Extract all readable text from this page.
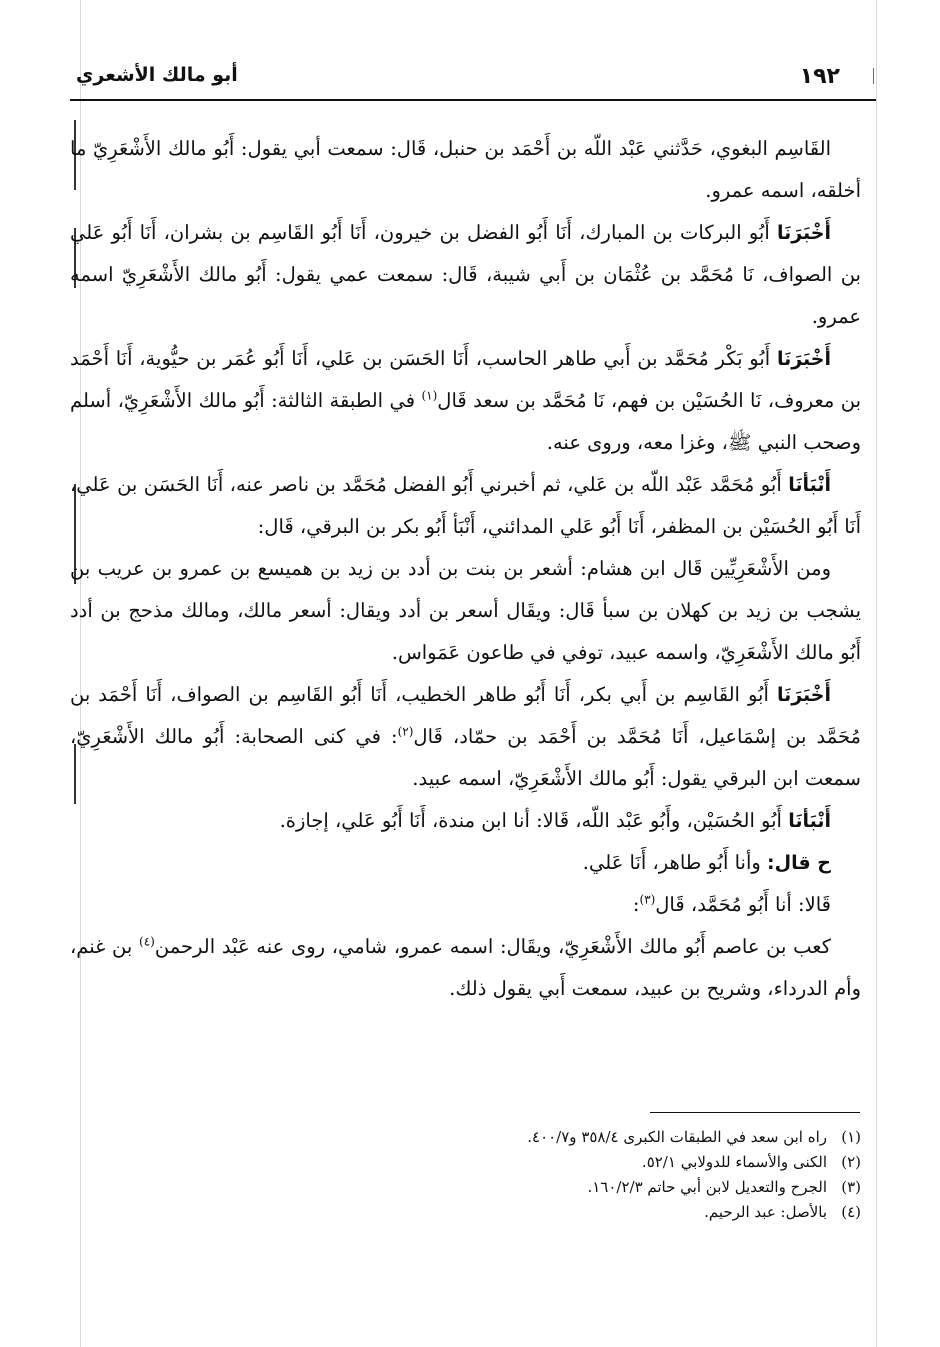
١٩٢
أبو مالك الأشعري

القَاسِم البغوي، حَدَّثني عَبْد اللّه بن أَحْمَد بن حنبل، قَال: سمعت أبي يقول: أَبُو مالك الأَشْعَرِيّ ما أخلقه، اسمه عمرو.

أَخْبَرَنَا أَبُو البركات بن المبارك، أَنَا أَبُو الفضل بن خيرون، أَنَا أَبُو القَاسِم بن بشران، أَنَا أَبُو عَلي بن الصواف، نَا مُحَمَّد بن عُثْمَان بن أَبي شيبة، قَال: سمعت عمي يقول: أَبُو مالك الأَشْعَرِيّ اسمه عمرو.

أَخْبَرَنَا أَبُو بَكْر مُحَمَّد بن أَبي طاهر الحاسب، أَنَا الحَسَن بن عَلي، أَنَا أَبُو عُمَر بن حيُّوية، أَنَا أَحْمَد بن معروف، نَا الحُسَيْن بن فهم، نَا مُحَمَّد بن سعد قَال$^{(١)}$ في الطبقة الثالثة: أَبُو مالك الأَشْعَرِيّ، أسلم وصحب النبي ﷺ، وغزا معه، وروى عنه.

أَنْبَأنَا أَبُو مُحَمَّد عَبْد اللّه بن عَلي، ثم أخبرني أَبُو الفضل مُحَمَّد بن ناصر عنه، أَنَا الحَسَن بن عَلي، أَنَا أَبُو الحُسَيْن بن المظفر، أَنَا أَبُو عَلي المدائني، أَنْبَأ أَبُو بكر بن البرقي، قَال:

ومن الأَشْعَرِيِّين قَال ابن هشام: أشعر بن بنت بن أدد بن زيد بن هميسع بن عمرو بن عريب بن يشجب بن زيد بن كهلان بن سبأ قَال: ويقَال أسعر بن أدد ويقال: أسعر مالك، ومالك مذحج بن أدد أَبُو مالك الأَشْعَرِيّ، واسمه عبيد، توفي في طاعون عَمَواس.

أَخْبَرَنَا أَبُو القَاسِم بن أَبي بكر، أَنَا أَبُو طاهر الخطيب، أَنَا أَبُو القَاسِم بن الصواف، أَنَا أَحْمَد بن مُحَمَّد بن إسْمَاعيل، أَنَا مُحَمَّد بن أَحْمَد بن حمّاد، قَال$^{(٢)}$: في كنى الصحابة: أَبُو مالك الأَشْعَرِيّ، سمعت ابن البرقي يقول: أَبُو مالك الأَشْعَرِيّ، اسمه عبيد.

أَنْبَأنَا أَبُو الحُسَيْن، وأَبُو عَبْد اللّه، قَالا: أنا ابن مندة، أَنَا أَبُو عَلي، إجازة.

ح قال: وأنا أَبُو طاهر، أَنَا عَلي.

قَالا: أنا أَبُو مُحَمَّد، قَال$^{(٣)}$:

كعب بن عاصم أَبُو مالك الأَشْعَرِيّ، ويقَال: اسمه عمرو، شامي، روى عنه عَبْد الرحمن$^{(٤)}$ بن غنم، وأم الدرداء، وشريح بن عبيد، سمعت أَبي يقول ذلك.

(١)راه ابن سعد في الطبقات الكبرى ٣٥٨/٤ و٤٠٠/٧.

(٢)الكنى والأسماء للدولابي ٥٢/١.

(٣)الجرح والتعديل لابن أبي حاتم ١٦٠/٢/٣.

(٤)بالأصل: عبد الرحيم.
